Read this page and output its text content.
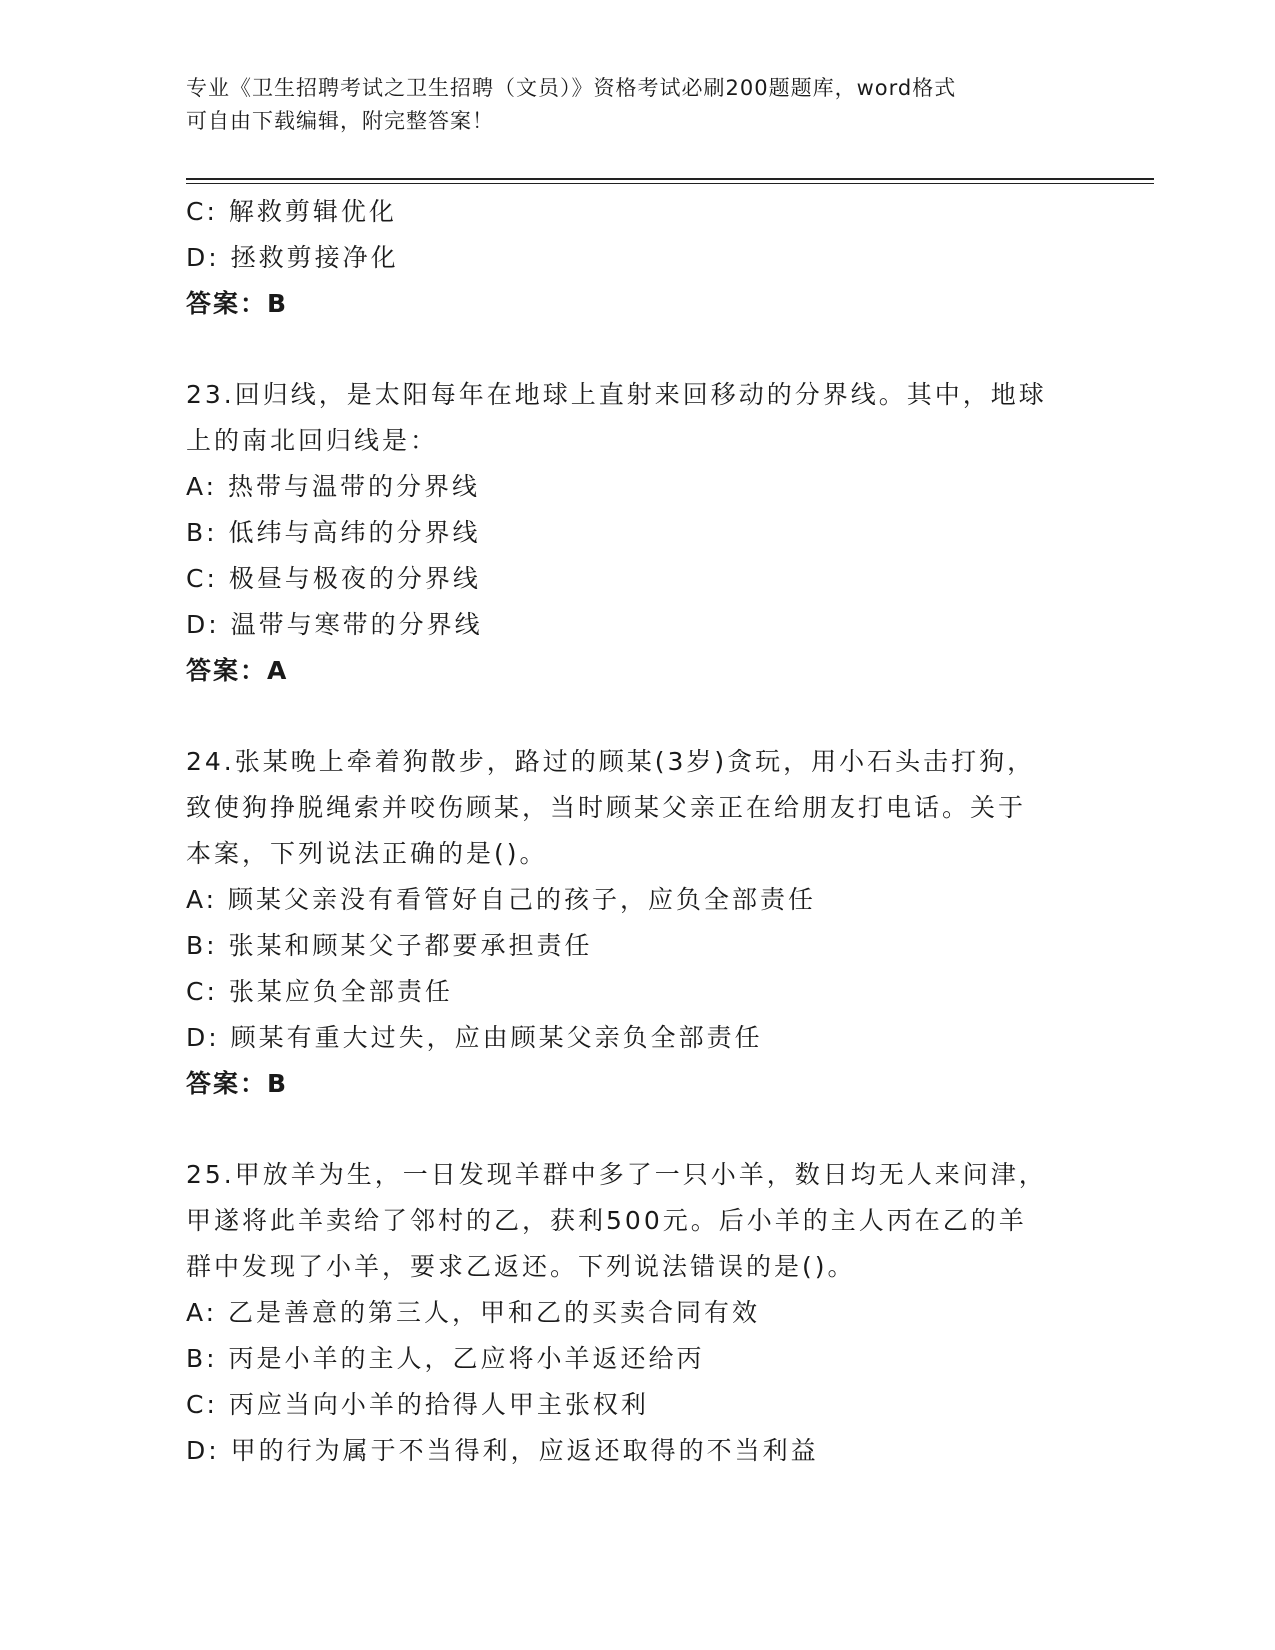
专业《卫生招聘考试之卫生招聘（文员）》资格考试必刷200题题库，word格式
可自由下载编辑，附完整答案！
C: 解救剪辑优化
D: 拯救剪接净化
答案：B
23.回归线，是太阳每年在地球上直射来回移动的分界线。其中，地球
上的南北回归线是：
A: 热带与温带的分界线
B: 低纬与高纬的分界线
C: 极昼与极夜的分界线
D: 温带与寒带的分界线
答案：A
24.张某晚上牵着狗散步，路过的顾某(3岁)贪玩，用小石头击打狗，
致使狗挣脱绳索并咬伤顾某，当时顾某父亲正在给朋友打电话。关于
本案，下列说法正确的是()。
A: 顾某父亲没有看管好自己的孩子，应负全部责任
B: 张某和顾某父子都要承担责任
C: 张某应负全部责任
D: 顾某有重大过失，应由顾某父亲负全部责任
答案：B
25.甲放羊为生，一日发现羊群中多了一只小羊，数日均无人来问津，
甲遂将此羊卖给了邻村的乙，获利500元。后小羊的主人丙在乙的羊
群中发现了小羊，要求乙返还。下列说法错误的是()。
A: 乙是善意的第三人，甲和乙的买卖合同有效
B: 丙是小羊的主人，乙应将小羊返还给丙
C: 丙应当向小羊的拾得人甲主张权利
D: 甲的行为属于不当得利，应返还取得的不当利益
